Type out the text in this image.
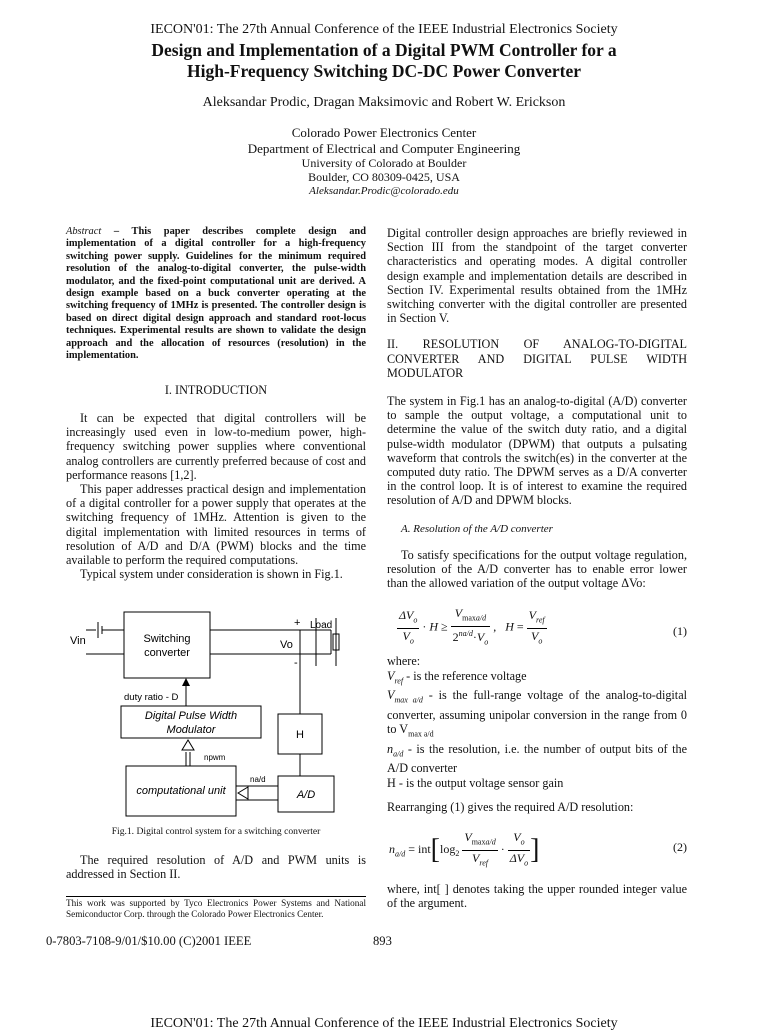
IECON'01: The 27th Annual Conference of the IEEE Industrial Electronics Society
Design and Implementation of a Digital PWM Controller for a
High-Frequency Switching DC-DC Power Converter
Aleksandar Prodic, Dragan Maksimovic and Robert W. Erickson
Colorado Power Electronics Center
Department of Electrical and Computer Engineering
University of Colorado at Boulder
Boulder, CO 80309-0425, USA
Aleksandar.Prodic@colorado.edu
Abstract – This paper describes complete design and implementation of a digital controller for a high-frequency switching power supply. Guidelines for the minimum required resolution of the analog-to-digital converter, the pulse-width modulator, and the fixed-point computational unit are derived. A design example based on a buck converter operating at the switching frequency of 1MHz is presented. The controller design is based on direct digital design approach and standard root-locus techniques. Experimental results are shown to validate the design approach and the allocation of resources (resolution) in the implementation.
I. INTRODUCTION

It can be expected that digital controllers will be increasingly used even in low-to-medium power, high-frequency switching power supplies where conventional analog controllers are currently preferred because of cost and performance reasons [1,2].

This paper addresses practical design and implementation of a digital controller for a power supply that operates at the switching frequency of 1MHz. Attention is given to the digital implementation with limited resources in terms of resolution of A/D and D/A (PWM) blocks and the time available to perform the required computations.

Typical system under consideration is shown in Fig.1.

Vin	Switching
converter
+
-
Vo
Load
duty ratio - D
Digital Pulse Width
Modulator	H
npwm
na/d
computational unit	A/D
Fig.1. Digital control system for a switching converter

The required resolution of A/D and PWM units is addressed in Section II.

This work was supported by Tyco Electronics Power Systems and National Semiconductor Corp. through the Colorado Power Electronics Center.
0-7803-7108-9/01/$10.00 (C)2001 IEEE	893

Digital controller design approaches are briefly reviewed in Section III from the standpoint of the target converter characteristics and operating modes. A digital controller design example and implementation details are described in Section IV. Experimental results obtained from the 1MHz switching converter with the digital controller are presented in Section V.

II. RESOLUTION OF ANALOG-TO-DIGITAL CONVERTER AND DIGITAL PULSE WIDTH MODULATOR

The system in Fig.1 has an analog-to-digital (A/D) converter to sample the output voltage, a computational unit to determine the value of the switch duty ratio, and a digital pulse-width modulator (DPWM) that outputs a pulsating waveform that controls the switch(es) in the converter at the computed duty ratio. The DPWM serves as a D/A converter in the control loop. It is of interest to examine the required resolution of A/D and DPWM blocks.

A. Resolution of the A/D converter

To satisfy specifications for the output voltage regulation, resolution of the A/D converter has to enable error lower than the allowed variation of the output voltage ΔVo:

$\frac{\Delta V_o}{V_o} \cdot H \ge \frac{V_{maxa/d}}{2^{na/d}\cdot V_o}$ ,   $H = \frac{V_{ref}}{V_o}$	(1)

where:

$V_{ref}$ - is the reference voltage

$V_{max a/d}$ - is the full-range voltage of the analog-to-digital converter, assuming unipolar conversion in the range from 0 to $V_{max a/d}$

$n_{a/d}$ - is the resolution, i.e. the number of output bits of the A/D converter

H - is the output voltage sensor gain

Rearranging (1) gives the required A/D resolution:

$n_{a/d} = int[\log_2 \frac{V_{maxa/d}}{V_{ref}} \cdot \frac{V_o}{\Delta V_o}$ ]	(2)

where, int[ ] denotes taking the upper rounded integer value of the argument.

IECON'01: The 27th Annual Conference of the IEEE Industrial Electronics Society
